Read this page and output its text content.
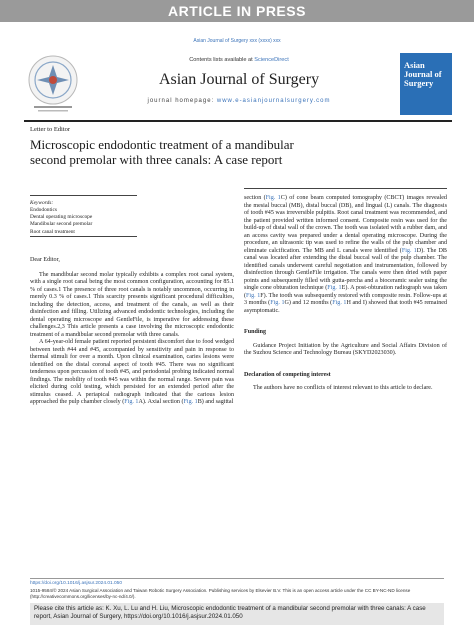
ARTICLE IN PRESS
Asian Journal of Surgery xxx (xxxx) xxx
Contents lists available at ScienceDirect
Asian Journal of Surgery
journal homepage: www.e-asianjournalsurgery.com
Asian Journal of Surgery
Letter to Editor
Microscopic endodontic treatment of a mandibular second premolar with three canals: A case report
Keywords:
Endodontics
Dental operating microscope
Mandibular second premolar
Root canal treatment

Dear Editor,

The mandibular second molar typically exhibits a complex root canal system, with a single root canal being the most common configuration, accounting for 85.1 % of cases.1 The presence of three root canals is notably uncommon, occurring in merely 0.3 % of cases.1 This scarcity presents significant procedural difficulties, including the detection, access, and treatment of the canals, as well as their disinfection and filling. Utilizing advanced endodontic technologies, including the dental operating microscope and GentleFile, is imperative for addressing these challenges.2,3 This article presents a case involving the microscopic endodontic treatment of a mandibular second premolar with three canals.

A 64-year-old female patient reported persistent discomfort due to food wedged between teeth #44 and #45, accompanied by sensitivity and pain in response to thermal stimuli for over a month. Upon clinical examination, caries lesions were identified on the distal coronal aspect of tooth #45. There was no significant tenderness upon percussion of tooth #45, and periodontal probing indicated normal findings. The mobility of tooth #45 was within the normal range. Severe pain was elicited during cold testing, which persisted for an extended period after the stimulus ceased. A periapical radiograph indicated that the carious lesion approached the pulp chamber closely (Fig. 1A). Axial section (Fig. 1B) and sagittal

section (Fig. 1C) of cone beam computed tomography (CBCT) images revealed the mesial buccal (MB), distal buccal (DB), and lingual (L) canals. The diagnosis of tooth #45 was irreversible pulpitis. Root canal treatment was recommended, and the patient provided written informed consent. Composite resin was used for the build-up of distal wall of the crown. The tooth was isolated with a rubber dam, and an access cavity was prepared under a dental operating microscope. During the procedure, an ultrasonic tip was used to refine the walls of the pulp chamber and eliminate calcification. The MB and L canals were identified (Fig. 1D). The DB canal was located after extending the distal buccal wall of the pulp chamber. The identified canals underwent careful negotiation and instrumentation, followed by disinfection through GentleFile irrigation. The canals were then dried with paper points and subsequently filled with gutta-percha and a bioceramic sealer using the single cone obturation technique (Fig. 1E). A post-obturation radiograph was taken (Fig. 1F). The tooth was subsequently restored with composite resin. Follow-ups at 3 months (Fig. 1G) and 12 months (Fig. 1H and I) showed that tooth #45 remained asymptomatic.

Funding

Guidance Project Initiation by the Agriculture and Social Affairs Division of the Suzhou Science and Technology Bureau (SKYD2023030).

Declaration of competing interest

The authors have no conflicts of interest relevant to this article to declare.

https://doi.org/10.1016/j.asjsur.2024.01.050
1015-9584/© 2024 Asian Surgical Association and Taiwan Robotic Surgery Association. Publishing services by Elsevier B.V. This is an open access article under the CC BY-NC-ND license (http://creativecommons.org/licenses/by-nc-nd/4.0/).
Please cite this article as: K. Xu, L. Lu and H. Liu, Microscopic endodontic treatment of a mandibular second premolar with three canals: A case report, Asian Journal of Surgery, https://doi.org/10.1016/j.asjsur.2024.01.050
